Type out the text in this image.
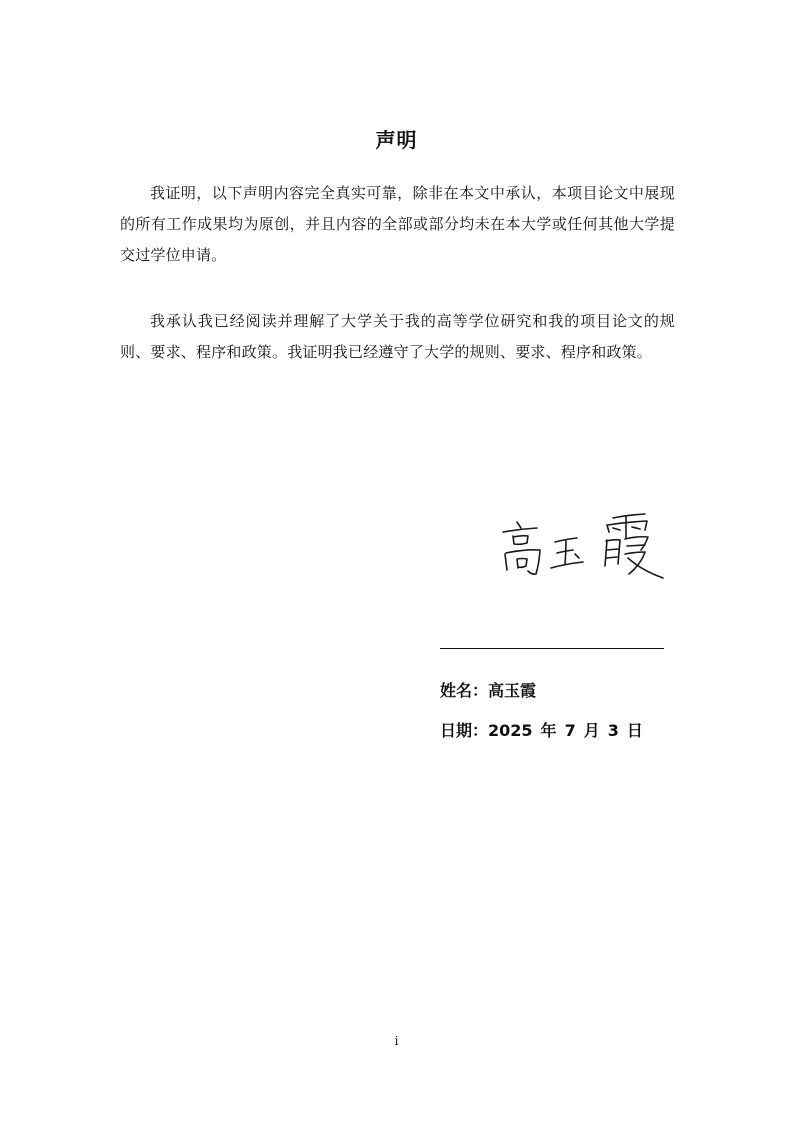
声明

我证明，以下声明内容完全真实可靠，除非在本文中承认，本项目论文中展现的所有工作成果均为原创，并且内容的全部或部分均未在本大学或任何其他大学提交过学位申请。

我承认我已经阅读并理解了大学关于我的高等学位研究和我的项目论文的规则、要求、程序和政策。我证明我已经遵守了大学的规则、要求、程序和政策。

姓名：高玉霞
日期：2025 年 7 月 3 日
i
